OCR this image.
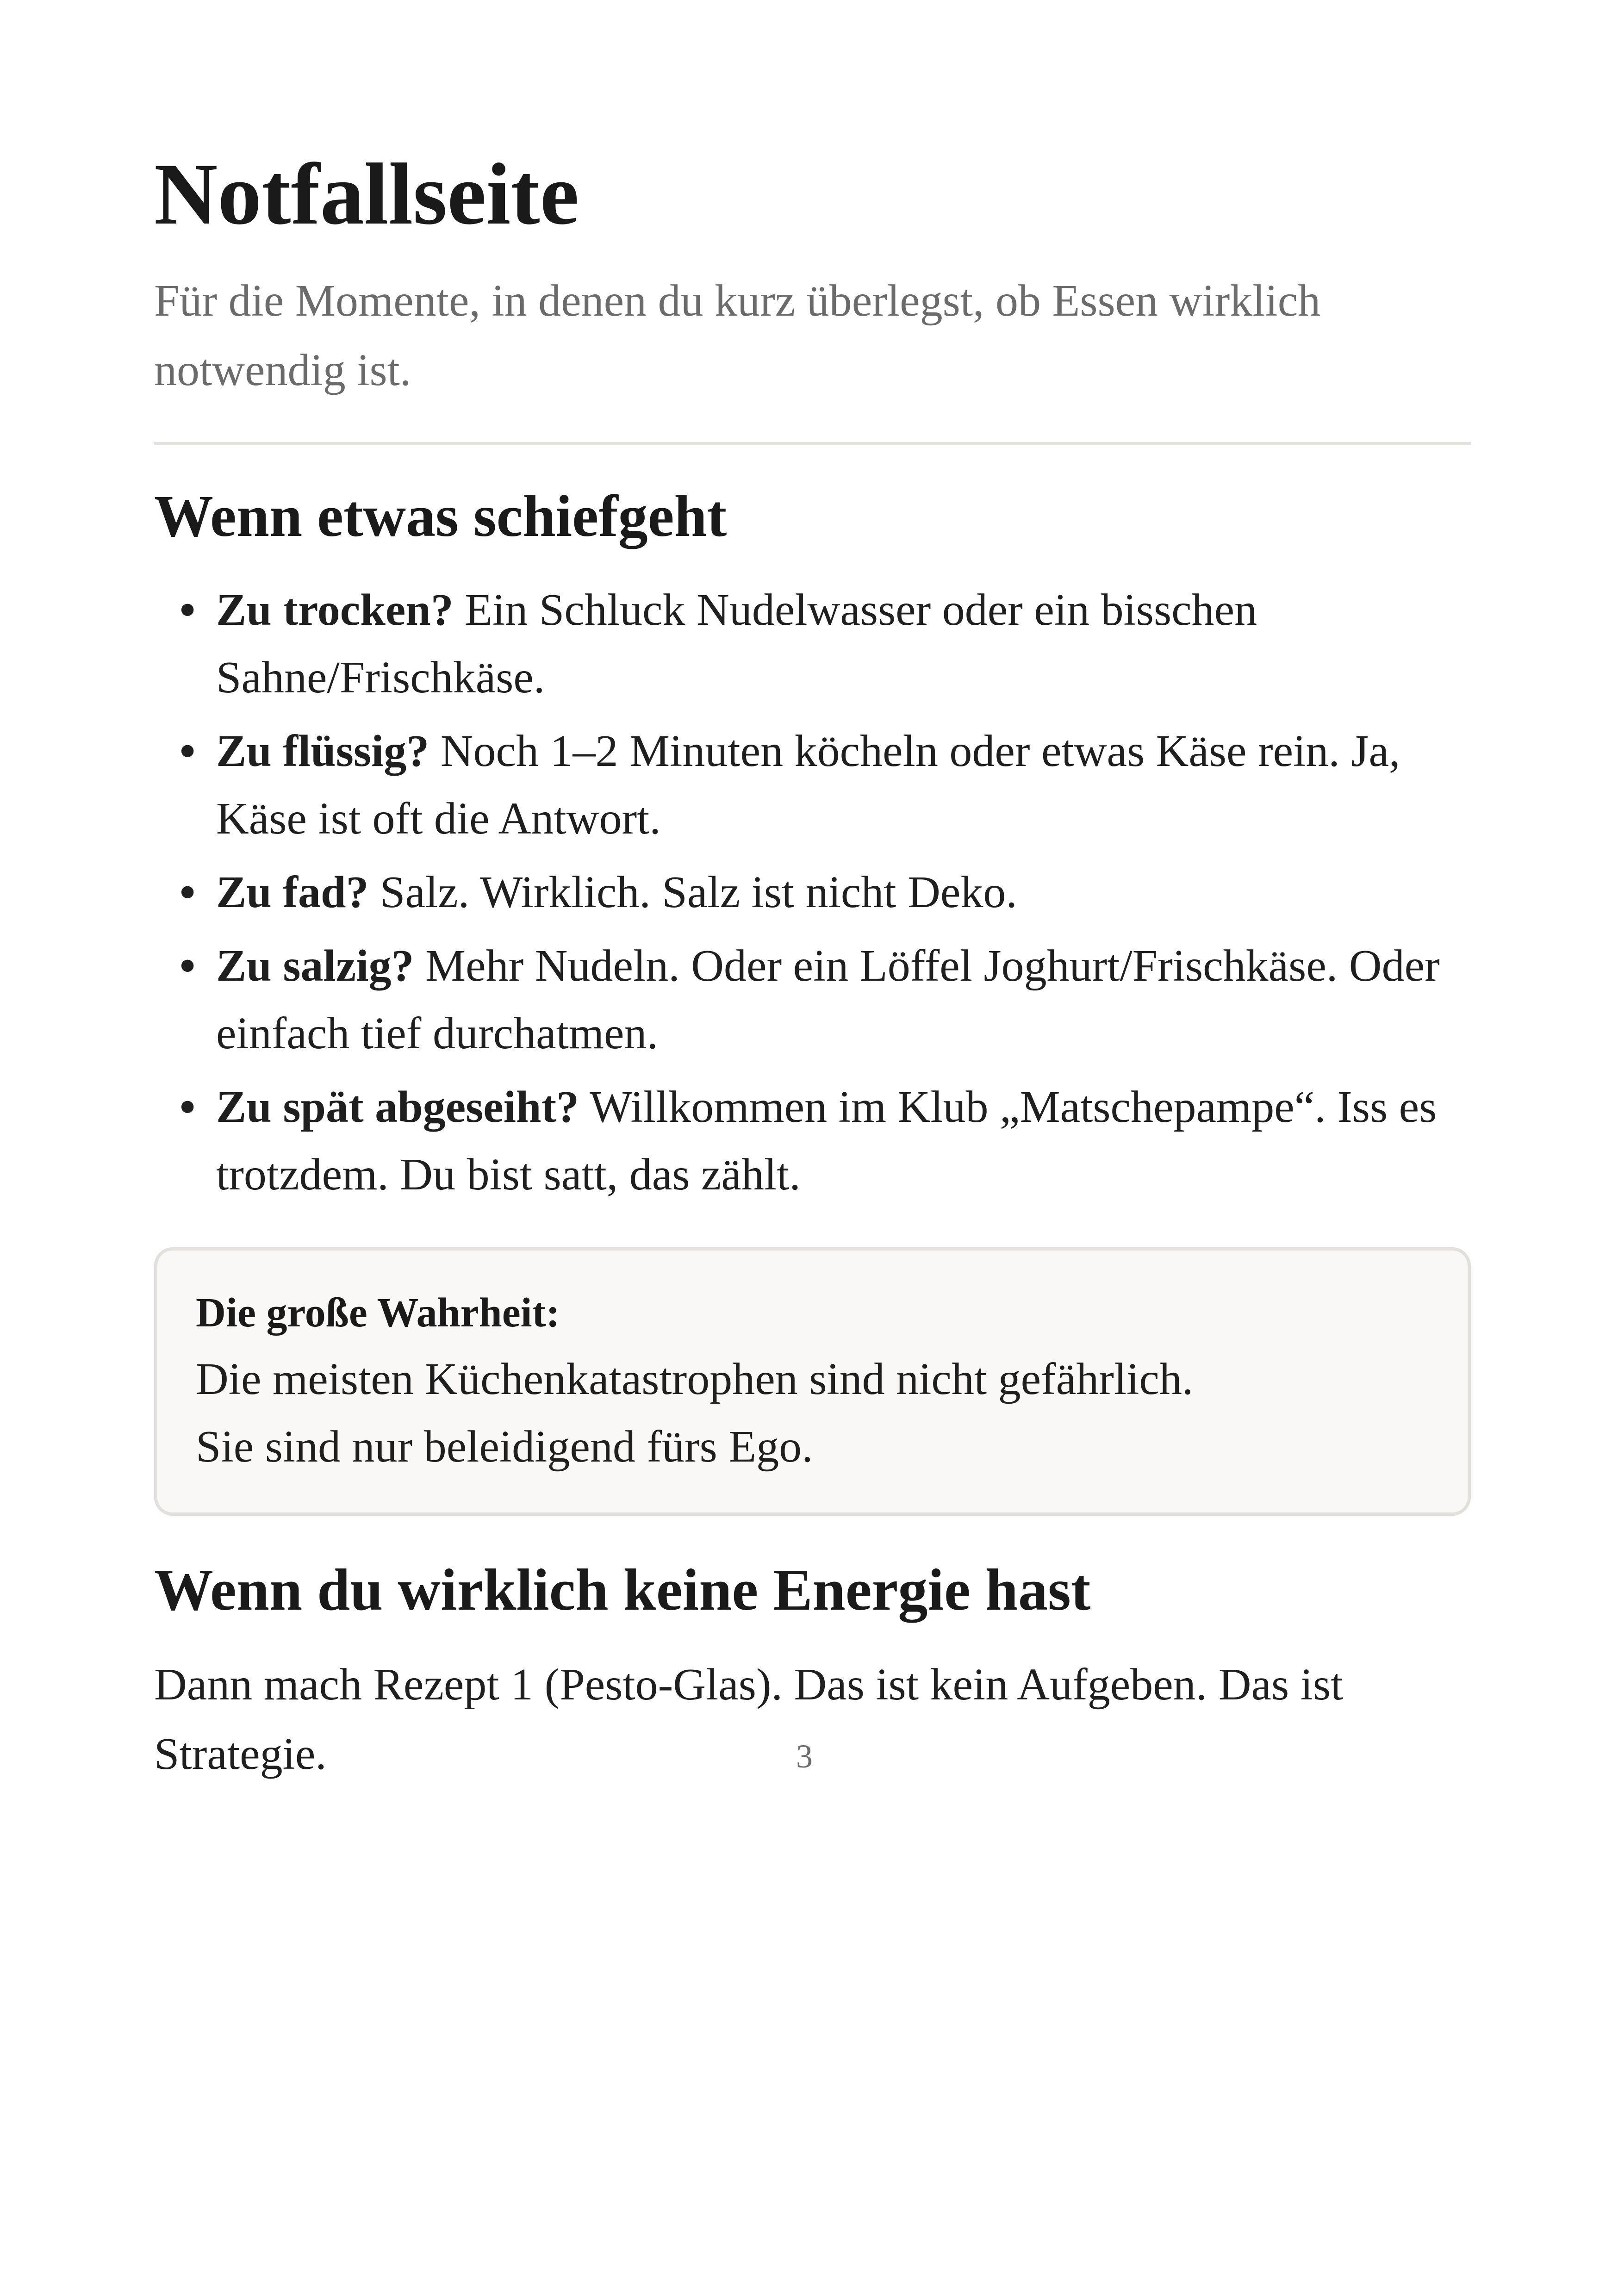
Notfallseite

Für die Momente, in denen du kurz überlegst, ob Essen wirklich notwendig ist.

Wenn etwas schiefgeht
• Zu trocken? Ein Schluck Nudelwasser oder ein bisschen Sahne/Frischkäse.
• Zu flüssig? Noch 1–2 Minuten köcheln oder etwas Käse rein. Ja, Käse ist oft die Antwort.
• Zu fad? Salz. Wirklich. Salz ist nicht Deko.
• Zu salzig? Mehr Nudeln. Oder ein Löffel Joghurt/Frischkäse. Oder einfach tief durchatmen.
• Zu spät abgeseiht? Willkommen im Klub „Matschepampe“. Iss es trotzdem. Du bist satt, das zählt.
Die große Wahrheit:
Die meisten Küchenkatastrophen sind nicht gefährlich.
Sie sind nur beleidigend fürs Ego.
Wenn du wirklich keine Energie hast

Dann mach Rezept 1 (Pesto-Glas). Das ist kein Aufgeben. Das ist Strategie.	3
